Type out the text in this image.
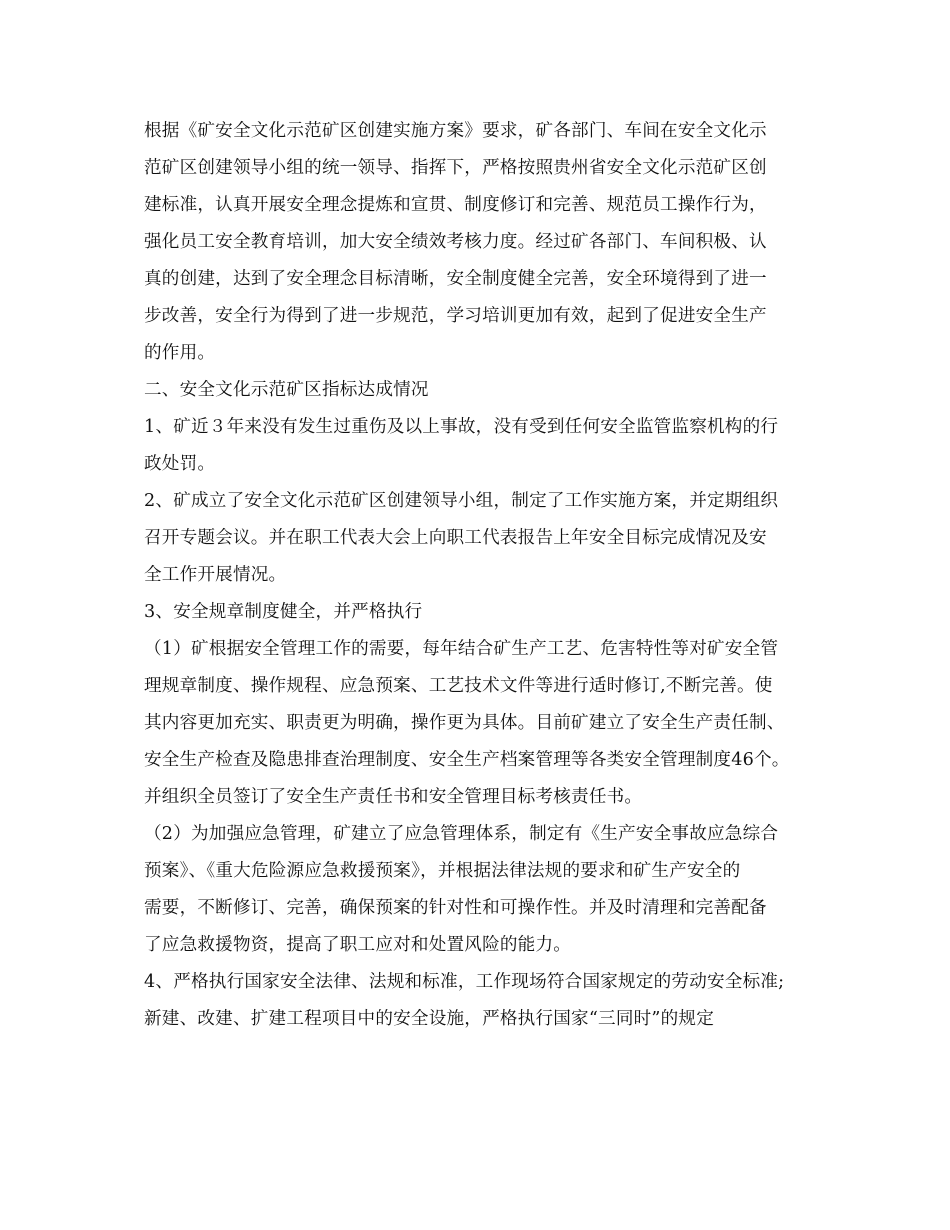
根据《矿安全文化示范矿区创建实施方案》要求，矿各部门、车间在安全文化示
范矿区创建领导小组的统一领导、指挥下，严格按照贵州省安全文化示范矿区创
建标准，认真开展安全理念提炼和宣贯、制度修订和完善、规范员工操作行为，
强化员工安全教育培训，加大安全绩效考核力度。经过矿各部门、车间积极、认
真的创建，达到了安全理念目标清晰，安全制度健全完善，安全环境得到了进一
步改善，安全行为得到了进一步规范，学习培训更加有效，起到了促进安全生产
的作用。
二、安全文化示范矿区指标达成情况
1、矿近３年来没有发生过重伤及以上事故，没有受到任何安全监管监察机构的行
政处罚。
2、矿成立了安全文化示范矿区创建领导小组，制定了工作实施方案，并定期组织
召开专题会议。并在职工代表大会上向职工代表报告上年安全目标完成情况及安
全工作开展情况。
3、安全规章制度健全，并严格执行
（1）矿根据安全管理工作的需要，每年结合矿生产工艺、危害特性等对矿安全管
理规章制度、操作规程、应急预案、工艺技术文件等进行适时修订,不断完善。使
其内容更加充实、职责更为明确，操作更为具体。目前矿建立了安全生产责任制、
安全生产检查及隐患排查治理制度、安全生产档案管理等各类安全管理制度46个。
并组织全员签订了安全生产责任书和安全管理目标考核责任书。
（2）为加强应急管理，矿建立了应急管理体系，制定有《生产安全事故应急综合
预案》、《重大危险源应急救援预案》，并根据法律法规的要求和矿生产安全的
需要，不断修订、完善，确保预案的针对性和可操作性。并及时清理和完善配备
了应急救援物资，提高了职工应对和处置风险的能力。
4、严格执行国家安全法律、法规和标准，工作现场符合国家规定的劳动安全标准;
新建、改建、扩建工程项目中的安全设施，严格执行国家“三同时”的规定
